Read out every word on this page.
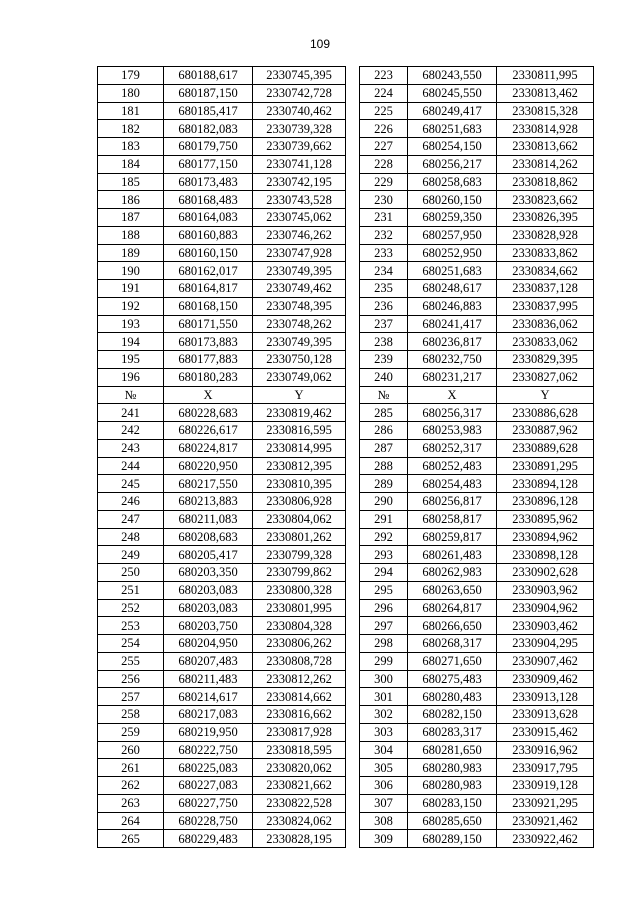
109
179	680188,617	2330745,395		223	680243,550	2330811,995
180	680187,150	2330742,728		224	680245,550	2330813,462
181	680185,417	2330740,462		225	680249,417	2330815,328
182	680182,083	2330739,328		226	680251,683	2330814,928
183	680179,750	2330739,662		227	680254,150	2330813,662
184	680177,150	2330741,128		228	680256,217	2330814,262
185	680173,483	2330742,195		229	680258,683	2330818,862
186	680168,483	2330743,528		230	680260,150	2330823,662
187	680164,083	2330745,062		231	680259,350	2330826,395
188	680160,883	2330746,262		232	680257,950	2330828,928
189	680160,150	2330747,928		233	680252,950	2330833,862
190	680162,017	2330749,395		234	680251,683	2330834,662
191	680164,817	2330749,462		235	680248,617	2330837,128
192	680168,150	2330748,395		236	680246,883	2330837,995
193	680171,550	2330748,262		237	680241,417	2330836,062
194	680173,883	2330749,395		238	680236,817	2330833,062
195	680177,883	2330750,128		239	680232,750	2330829,395
196	680180,283	2330749,062		240	680231,217	2330827,062
№	X	Y		№	X	Y
241	680228,683	2330819,462		285	680256,317	2330886,628
242	680226,617	2330816,595		286	680253,983	2330887,962
243	680224,817	2330814,995		287	680252,317	2330889,628
244	680220,950	2330812,395		288	680252,483	2330891,295
245	680217,550	2330810,395		289	680254,483	2330894,128
246	680213,883	2330806,928		290	680256,817	2330896,128
247	680211,083	2330804,062		291	680258,817	2330895,962
248	680208,683	2330801,262		292	680259,817	2330894,962
249	680205,417	2330799,328		293	680261,483	2330898,128
250	680203,350	2330799,862		294	680262,983	2330902,628
251	680203,083	2330800,328		295	680263,650	2330903,962
252	680203,083	2330801,995		296	680264,817	2330904,962
253	680203,750	2330804,328		297	680266,650	2330903,462
254	680204,950	2330806,262		298	680268,317	2330904,295
255	680207,483	2330808,728		299	680271,650	2330907,462
256	680211,483	2330812,262		300	680275,483	2330909,462
257	680214,617	2330814,662		301	680280,483	2330913,128
258	680217,083	2330816,662		302	680282,150	2330913,628
259	680219,950	2330817,928		303	680283,317	2330915,462
260	680222,750	2330818,595		304	680281,650	2330916,962
261	680225,083	2330820,062		305	680280,983	2330917,795
262	680227,083	2330821,662		306	680280,983	2330919,128
263	680227,750	2330822,528		307	680283,150	2330921,295
264	680228,750	2330824,062		308	680285,650	2330921,462
265	680229,483	2330828,195		309	680289,150	2330922,462
